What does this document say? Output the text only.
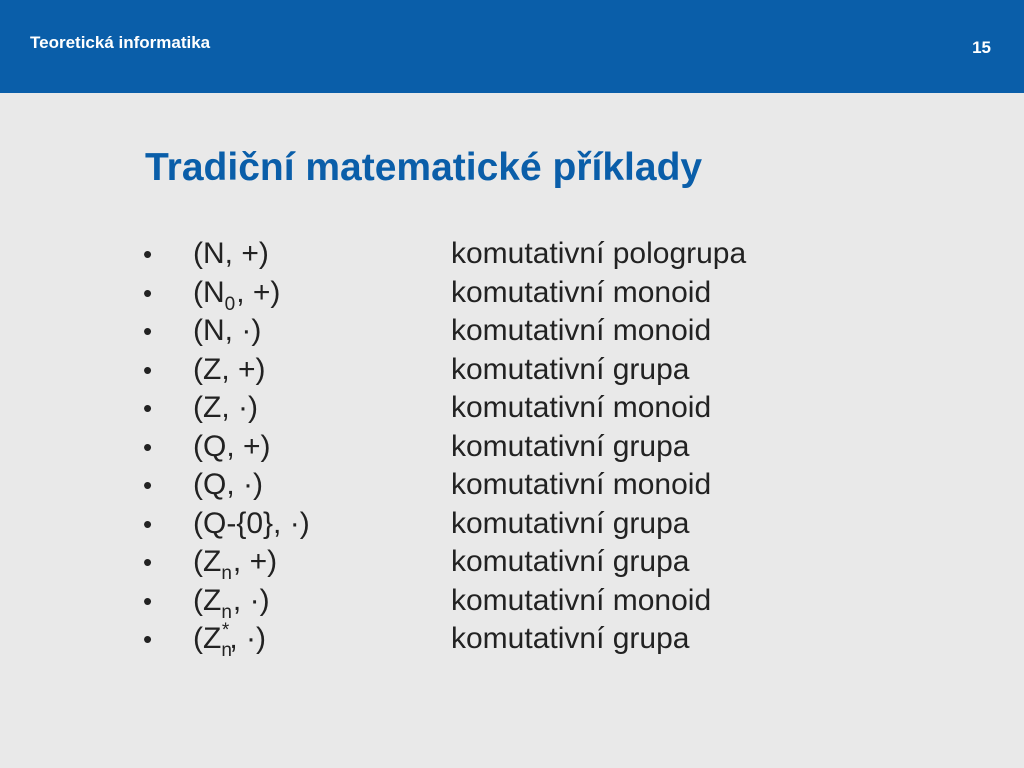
Teoretická informatika	15
Tradiční matematické příklady
• (N, +)	komutativní pologrupa
• ($N_0$, +)	komutativní monoid
• (N, ·)	komutativní monoid
• (Z, +)	komutativní grupa
• (Z, ·)	komutativní monoid
• (Q, +)	komutativní grupa
• (Q, ·)	komutativní monoid
• (Q-{0}, ·)	komutativní grupa
• ($Z_n$, +)	komutativní grupa
• ($Z_n$, ·)	komutativní monoid
• ($Z_n^*$, ·)	komutativní grupa
